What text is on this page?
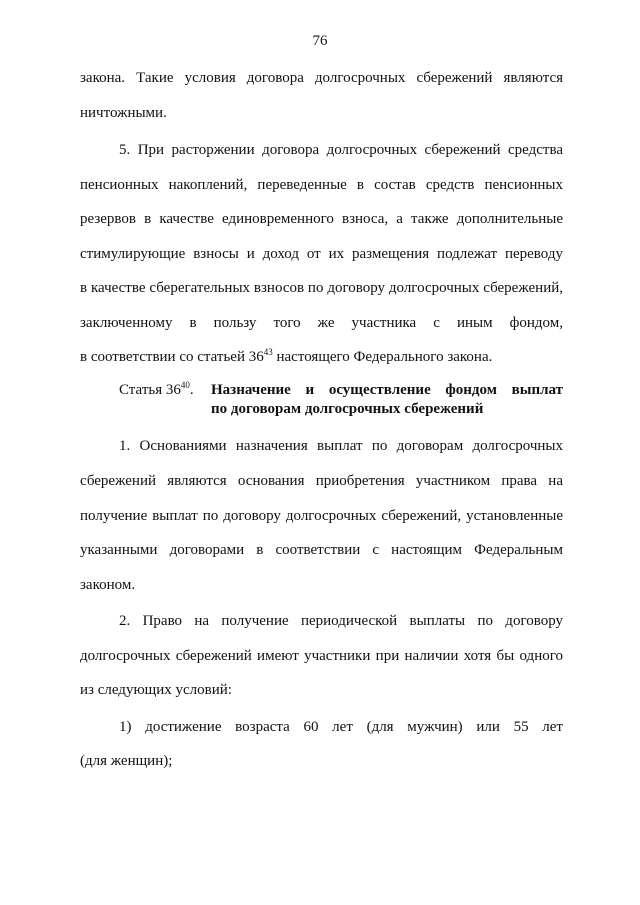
76
закона. Такие условия договора долгосрочных сбережений являются
ничтожными.
5. При расторжении договора долгосрочных сбережений средства
пенсионных накоплений, переведенные в состав средств пенсионных
резервов в качестве единовременного взноса, а также дополнительные
стимулирующие взносы и доход от их размещения подлежат переводу
в качестве сберегательных взносов по договору долгосрочных сбережений,
заключенному в пользу того же участника с иным фондом,
в соответствии со статьей $36^{43}$ настоящего Федерального закона.
Статья $36^{40}$. Назначение и осуществление фондом выплат
по договорам долгосрочных сбережений
1. Основаниями назначения выплат по договорам долгосрочных
сбережений являются основания приобретения участником права на
получение выплат по договору долгосрочных сбережений, установленные
указанными договорами в соответствии с настоящим Федеральным
законом.
2. Право на получение периодической выплаты по договору
долгосрочных сбережений имеют участники при наличии хотя бы одного
из следующих условий:
1) достижение возраста 60 лет (для мужчин) или 55 лет
(для женщин);
